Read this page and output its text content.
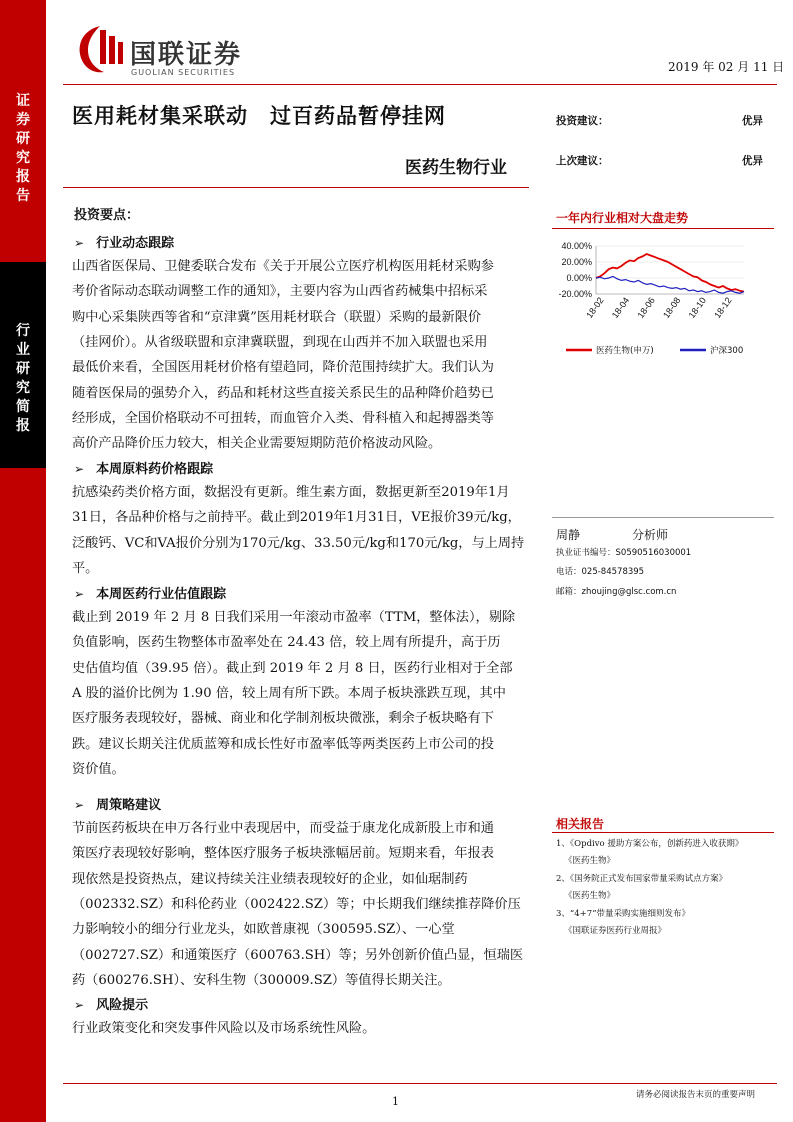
证
券
研
究
报
告
行
业
研
究
简
报
国联证券
GUOLIAN SECURITIES	2019 年 02 月 11 日
医用耗材集采联动　过百药品暂停挂网
医药生物行业
投资建议：	优异
上次建议：	优异
投资要点：
➢ 行业动态跟踪
山西省医保局、卫健委联合发布《关于开展公立医疗机构医用耗材采购参
考价省际动态联动调整工作的通知》，主要内容为山西省药械集中招标采
购中心采集陕西等省和“京津冀”医用耗材联合（联盟）采购的最新限价
（挂网价）。从省级联盟和京津冀联盟，到现在山西并不加入联盟也采用
最低价来看，全国医用耗材价格有望趋同，降价范围持续扩大。我们认为
随着医保局的强势介入，药品和耗材这些直接关系民生的品种降价趋势已
经形成，全国价格联动不可扭转，而血管介入类、骨科植入和起搏器类等
高价产品降价压力较大，相关企业需要短期防范价格波动风险。
➢ 本周原料药价格跟踪
抗感染药类价格方面，数据没有更新。维生素方面，数据更新至2019年1月
31日，各品种价格与之前持平。截止到2019年1月31日，VE报价39元/kg，
泛酸钙、VC和VA报价分别为170元/kg、33.50元/kg和170元/kg，与上周持
平。
➢ 本周医药行业估值跟踪
截止到 2019 年 2 月 8 日我们采用一年滚动市盈率（TTM，整体法），剔除
负值影响，医药生物整体市盈率处在 24.43 倍，较上周有所提升，高于历
史估值均值（39.95 倍）。截止到 2019 年 2 月 8 日，医药行业相对于全部
A 股的溢价比例为 1.90 倍，较上周有所下跌。本周子板块涨跌互现，其中
医疗服务表现较好，器械、商业和化学制剂板块微涨，剩余子板块略有下
跌。建议长期关注优质蓝筹和成长性好市盈率低等两类医药上市公司的投
资价值。
➢ 周策略建议
节前医药板块在申万各行业中表现居中，而受益于康龙化成新股上市和通
策医疗表现较好影响，整体医疗服务子板块涨幅居前。短期来看，年报表
现依然是投资热点，建议持续关注业绩表现较好的企业，如仙琚制药
（002332.SZ）和科伦药业（002422.SZ）等；中长期我们继续推荐降价压
力影响较小的细分行业龙头，如欧普康视（300595.SZ）、一心堂
（002727.SZ）和通策医疗（600763.SH）等；另外创新价值凸显，恒瑞医
药（600276.SH）、安科生物（300009.SZ）等值得长期关注。
➢ 风险提示
行业政策变化和突发事件风险以及市场系统性风险。
一年内行业相对大盘走势
40.00%
20.00%
0.00%
-20.00%
18-02 18-04 18-06 18-08 18-10 18-12
医药生物(申万)	沪深300
周静	分析师
执业证书编号：S0590516030001
电话：025-84578395
邮箱：zhoujing@glsc.com.cn
相关报告
1、《Opdivo 援助方案公布，创新药进入收获期》
《医药生物》
2、《国务院正式发布国家带量采购试点方案》
《医药生物》
3、“4+7”带量采购实施细则发布》
《国联证券医药行业周报》
1	请务必阅读报告末页的重要声明
